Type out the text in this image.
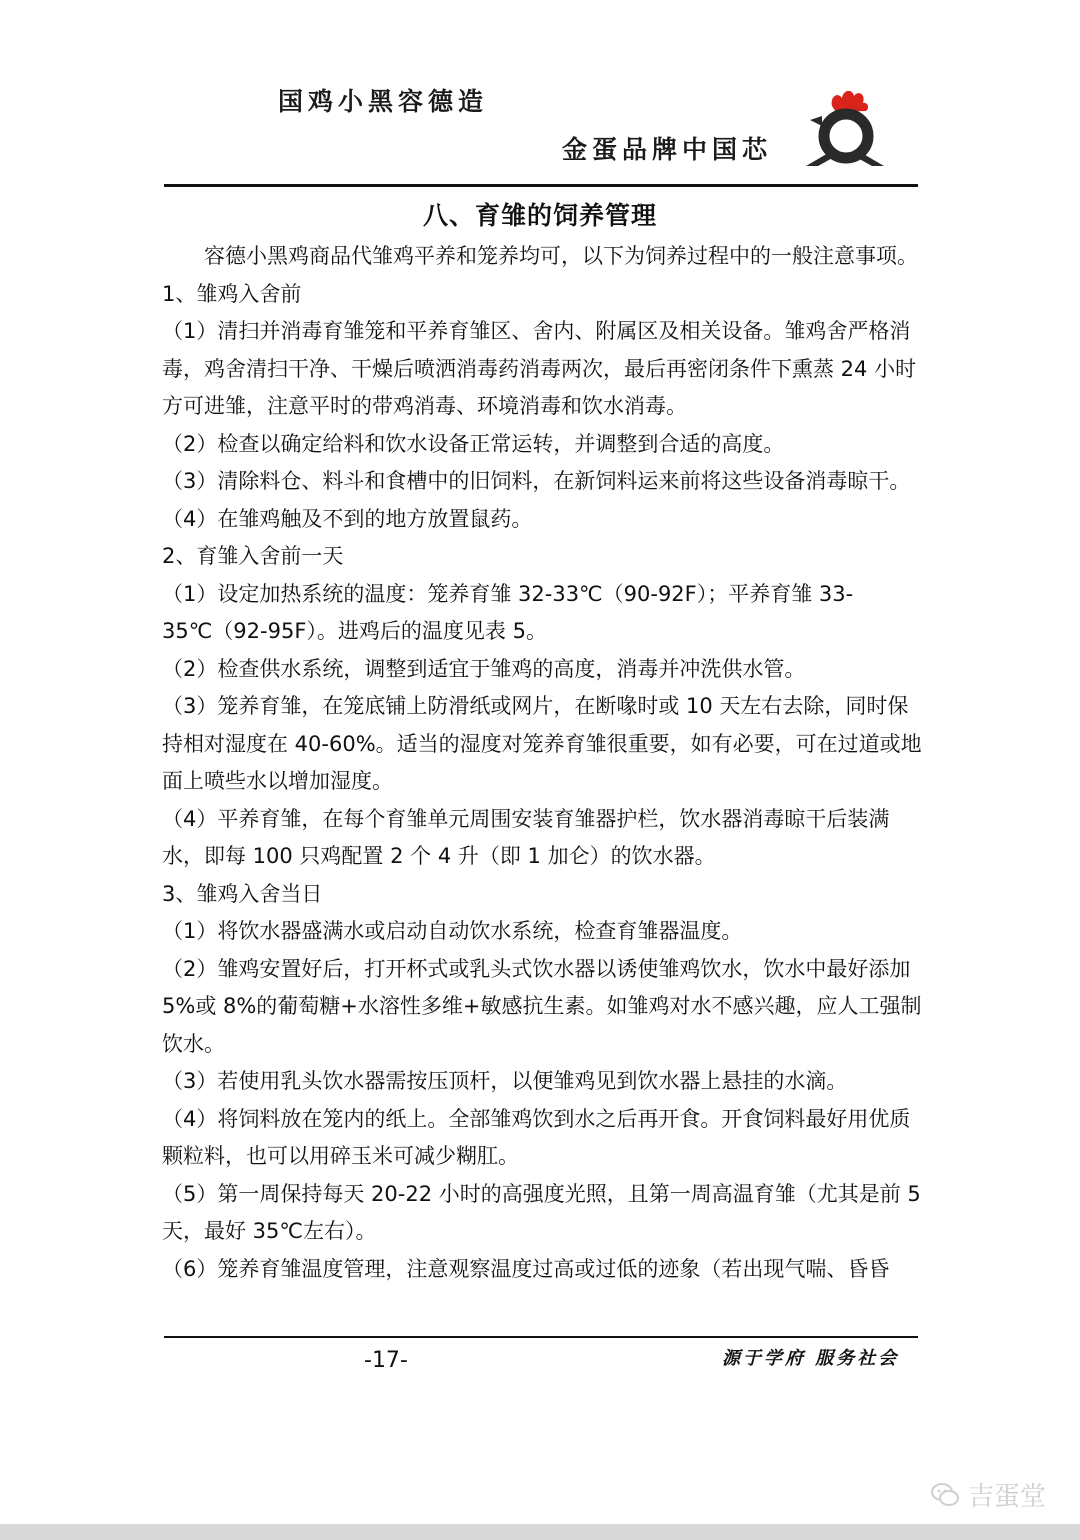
国鸡小黑容德造
金蛋品牌中国芯
八、育雏的饲养管理

容德小黑鸡商品代雏鸡平养和笼养均可，以下为饲养过程中的一般注意事项。

1、雏鸡入舍前

（1）清扫并消毒育雏笼和平养育雏区、舍内、附属区及相关设备。雏鸡舍严格消毒，鸡舍清扫干净、干燥后喷洒消毒药消毒两次，最后再密闭条件下熏蒸 24 小时方可进雏，注意平时的带鸡消毒、环境消毒和饮水消毒。

（2）检查以确定给料和饮水设备正常运转，并调整到合适的高度。

（3）清除料仓、料斗和食槽中的旧饲料，在新饲料运来前将这些设备消毒晾干。

（4）在雏鸡触及不到的地方放置鼠药。

2、育雏入舍前一天

（1）设定加热系统的温度：笼养育雏 32-33℃（90-92F）；平养育雏 33-35℃（92-95F）。进鸡后的温度见表 5。

（2）检查供水系统，调整到适宜于雏鸡的高度，消毒并冲洗供水管。

（3）笼养育雏，在笼底铺上防滑纸或网片，在断喙时或 10 天左右去除，同时保持相对湿度在 40-60%。适当的湿度对笼养育雏很重要，如有必要，可在过道或地面上喷些水以增加湿度。

（4）平养育雏，在每个育雏单元周围安装育雏器护栏，饮水器消毒晾干后装满水，即每 100 只鸡配置 2 个 4 升（即 1 加仑）的饮水器。

3、雏鸡入舍当日

（1）将饮水器盛满水或启动自动饮水系统，检查育雏器温度。

（2）雏鸡安置好后，打开杯式或乳头式饮水器以诱使雏鸡饮水，饮水中最好添加 5%或 8%的葡萄糖+水溶性多维+敏感抗生素。如雏鸡对水不感兴趣，应人工强制饮水。

（3）若使用乳头饮水器需按压顶杆，以便雏鸡见到饮水器上悬挂的水滴。

（4）将饲料放在笼内的纸上。全部雏鸡饮到水之后再开食。开食饲料最好用优质颗粒料，也可以用碎玉米可减少糊肛。

（5）第一周保持每天 20-22 小时的高强度光照，且第一周高温育雏（尤其是前 5 天，最好 35℃左右）。

（6）笼养育雏温度管理，注意观察温度过高或过低的迹象（若出现气喘、昏昏

-17-	源于学府 服务社会
吉蛋堂
